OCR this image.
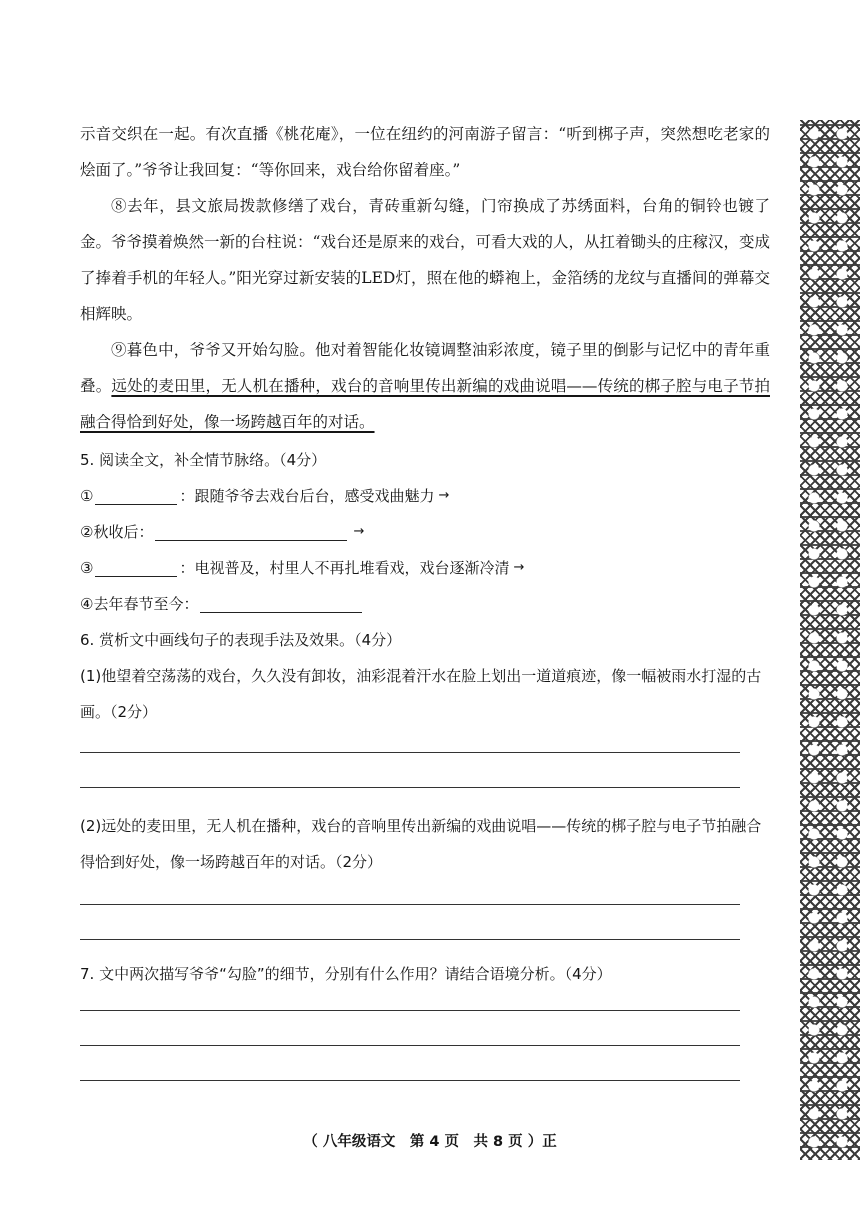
示音交织在一起。有次直播《桃花庵》，一位在纽约的河南游子留言：“听到梆子声，突然想吃老家的烩面了。”爷爷让我回复：“等你回来，戏台给你留着座。”
⑧去年，县文旅局拨款修缮了戏台，青砖重新勾缝，门帘换成了苏绣面料，台角的铜铃也镀了金。爷爷摸着焕然一新的台柱说：“戏台还是原来的戏台，可看大戏的人，从扛着锄头的庄稼汉，变成了捧着手机的年轻人。”阳光穿过新安装的LED灯，照在他的蟒袍上，金箔绣的龙纹与直播间的弹幕交相辉映。
⑨暮色中，爷爷又开始勾脸。他对着智能化妆镜调整油彩浓度，镜子里的倒影与记忆中的青年重叠。远处的麦田里，无人机在播种，戏台的音响里传出新编的戏曲说唱——传统的梆子腔与电子节拍融合得恰到好处，像一场跨越百年的对话。
5. 阅读全文，补全情节脉络。（4分）
①	：跟随爷爷去戏台后台，感受戏曲魅力 →
②秋收后：	→
③	：电视普及，村里人不再扎堆看戏，戏台逐渐冷清 →
④去年春节至今：
6. 赏析文中画线句子的表现手法及效果。（4分）
(1)他望着空荡荡的戏台，久久没有卸妆，油彩混着汗水在脸上划出一道道痕迹，像一幅被雨水打湿的古画。（2分）
(2)远处的麦田里，无人机在播种，戏台的音响里传出新编的戏曲说唱——传统的梆子腔与电子节拍融合得恰到好处，像一场跨越百年的对话。（2分）
7. 文中两次描写爷爷“勾脸”的细节，分别有什么作用？请结合语境分析。（4分）
（ 八年级语文　第 4 页　共 8 页 ）正
